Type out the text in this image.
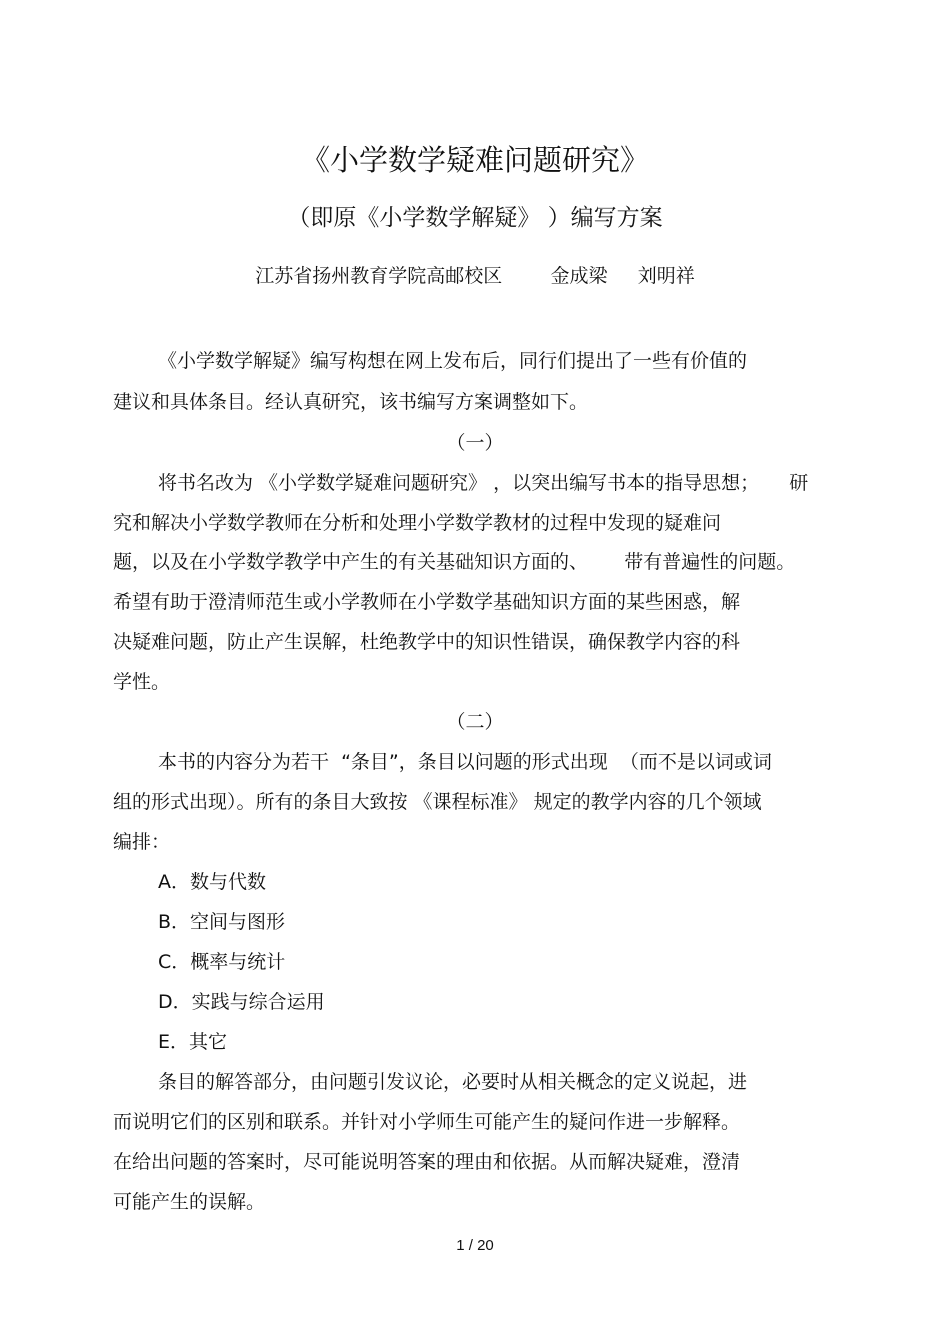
《小学数学疑难问题研究》
（即原《小学数学解疑》 ）编写方案
江苏省扬州教育学院高邮校区        金成梁     刘明祥
《小学数学解疑》编写构想在网上发布后，同行们提出了一些有价值的
建议和具体条目。经认真研究，该书编写方案调整如下。
（一）
将书名改为 《小学数学疑难问题研究》 ，以突出编写书本的指导思想；     研
究和解决小学数学教师在分析和处理小学数学教材的过程中发现的疑难问
题，以及在小学数学教学中产生的有关基础知识方面的、      带有普遍性的问题。
希望有助于澄清师范生或小学教师在小学数学基础知识方面的某些困惑，解
决疑难问题，防止产生误解，杜绝教学中的知识性错误，确保教学内容的科
学性。
（二）
本书的内容分为若干  “条目”，条目以问题的形式出现  （而不是以词或词
组的形式出现）。所有的条目大致按 《课程标准》 规定的教学内容的几个领域
编排：
A．数与代数
B．空间与图形
C．概率与统计
D．实践与综合运用
E．其它
条目的解答部分，由问题引发议论，必要时从相关概念的定义说起，进
而说明它们的区别和联系。并针对小学师生可能产生的疑问作进一步解释。
在给出问题的答案时，尽可能说明答案的理由和依据。从而解决疑难，澄清
可能产生的误解。
1 / 20
